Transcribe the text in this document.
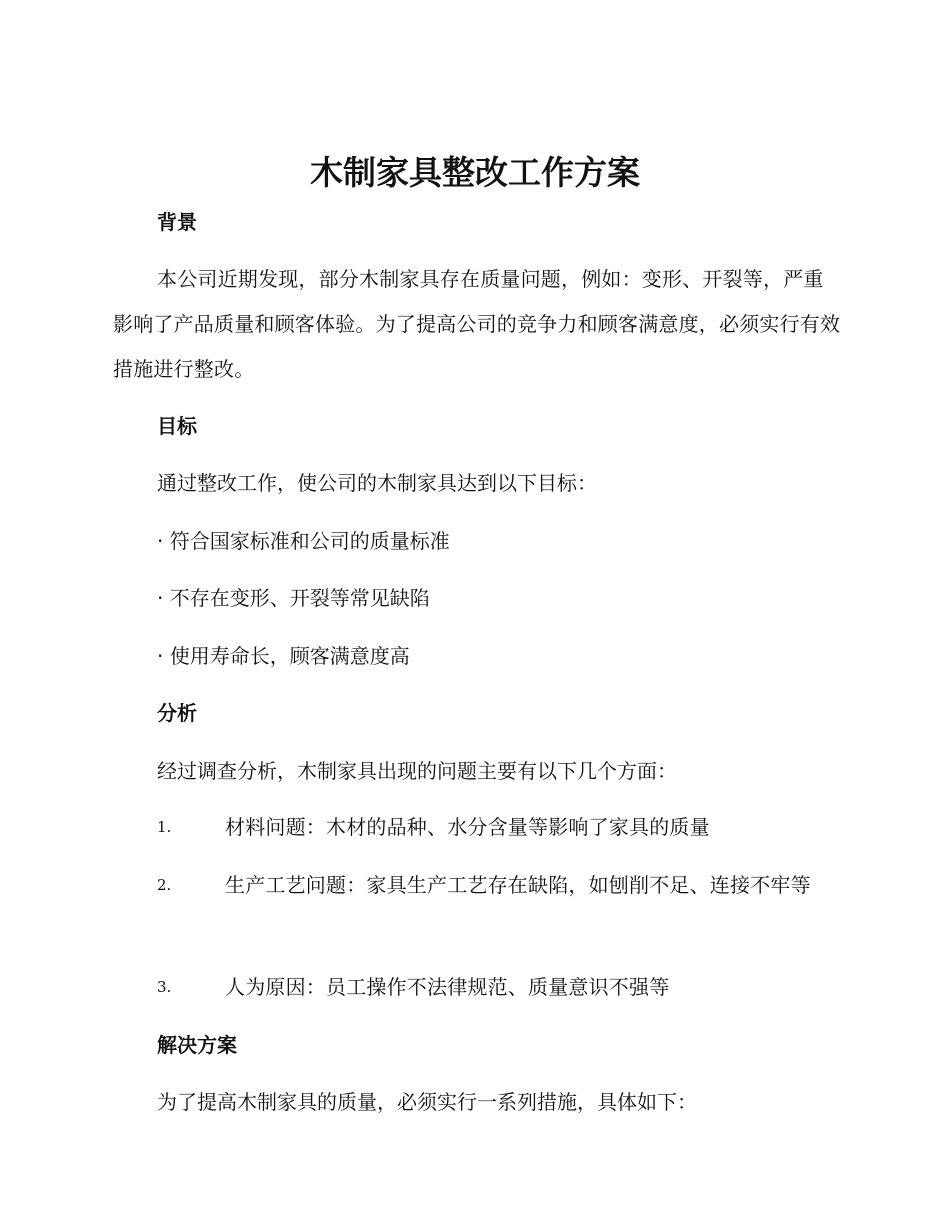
木制家具整改工作方案
背景

本公司近期发现，部分木制家具存在质量问题，例如：变形、开裂等，严重影响了产品质量和顾客体验。为了提高公司的竞争力和顾客满意度，必须实行有效措施进行整改。

目标

通过整改工作，使公司的木制家具达到以下目标：

· 符合国家标准和公司的质量标准

· 不存在变形、开裂等常见缺陷

· 使用寿命长，顾客满意度高

分析

经过调查分析，木制家具出现的问题主要有以下几个方面：

1.	材料问题：木材的品种、水分含量等影响了家具的质量
2.	生产工艺问题：家具生产工艺存在缺陷，如刨削不足、连接不牢等
3.	人为原因：员工操作不法律规范、质量意识不强等
解决方案

为了提高木制家具的质量，必须实行一系列措施，具体如下：
